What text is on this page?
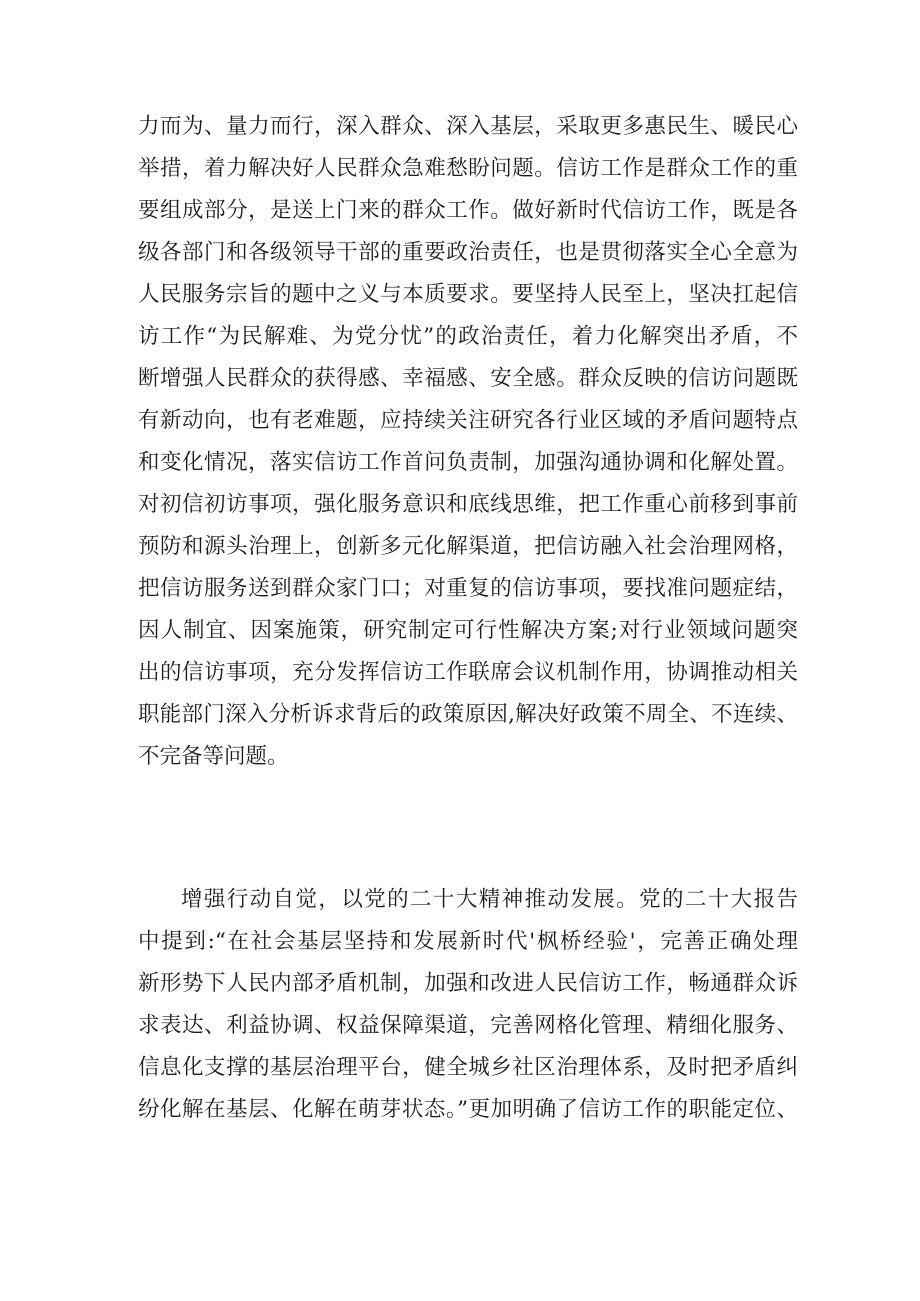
力而为、量力而行，深入群众、深入基层，采取更多惠民生、暖民心
举措，着力解决好人民群众急难愁盼问题。信访工作是群众工作的重
要组成部分，是送上门来的群众工作。做好新时代信访工作，既是各
级各部门和各级领导干部的重要政治责任，也是贯彻落实全心全意为
人民服务宗旨的题中之义与本质要求。要坚持人民至上，坚决扛起信
访工作“为民解难、为党分忧”的政治责任，着力化解突出矛盾，不
断增强人民群众的获得感、幸福感、安全感。群众反映的信访问题既
有新动向，也有老难题，应持续关注研究各行业区域的矛盾问题特点
和变化情况，落实信访工作首问负责制，加强沟通协调和化解处置。
对初信初访事项，强化服务意识和底线思维，把工作重心前移到事前
预防和源头治理上，创新多元化解渠道，把信访融入社会治理网格，
把信访服务送到群众家门口；对重复的信访事项，要找准问题症结，
因人制宜、因案施策，研究制定可行性解决方案;对行业领域问题突
出的信访事项，充分发挥信访工作联席会议机制作用，协调推动相关
职能部门深入分析诉求背后的政策原因,解决好政策不周全、不连续、
不完备等问题。
增强行动自觉，以党的二十大精神推动发展。党的二十大报告
中提到:“在社会基层坚持和发展新时代'枫桥经验'，完善正确处理
新形势下人民内部矛盾机制，加强和改进人民信访工作，畅通群众诉
求表达、利益协调、权益保障渠道，完善网格化管理、精细化服务、
信息化支撑的基层治理平台，健全城乡社区治理体系，及时把矛盾纠
纷化解在基层、化解在萌芽状态。”更加明确了信访工作的职能定位、
